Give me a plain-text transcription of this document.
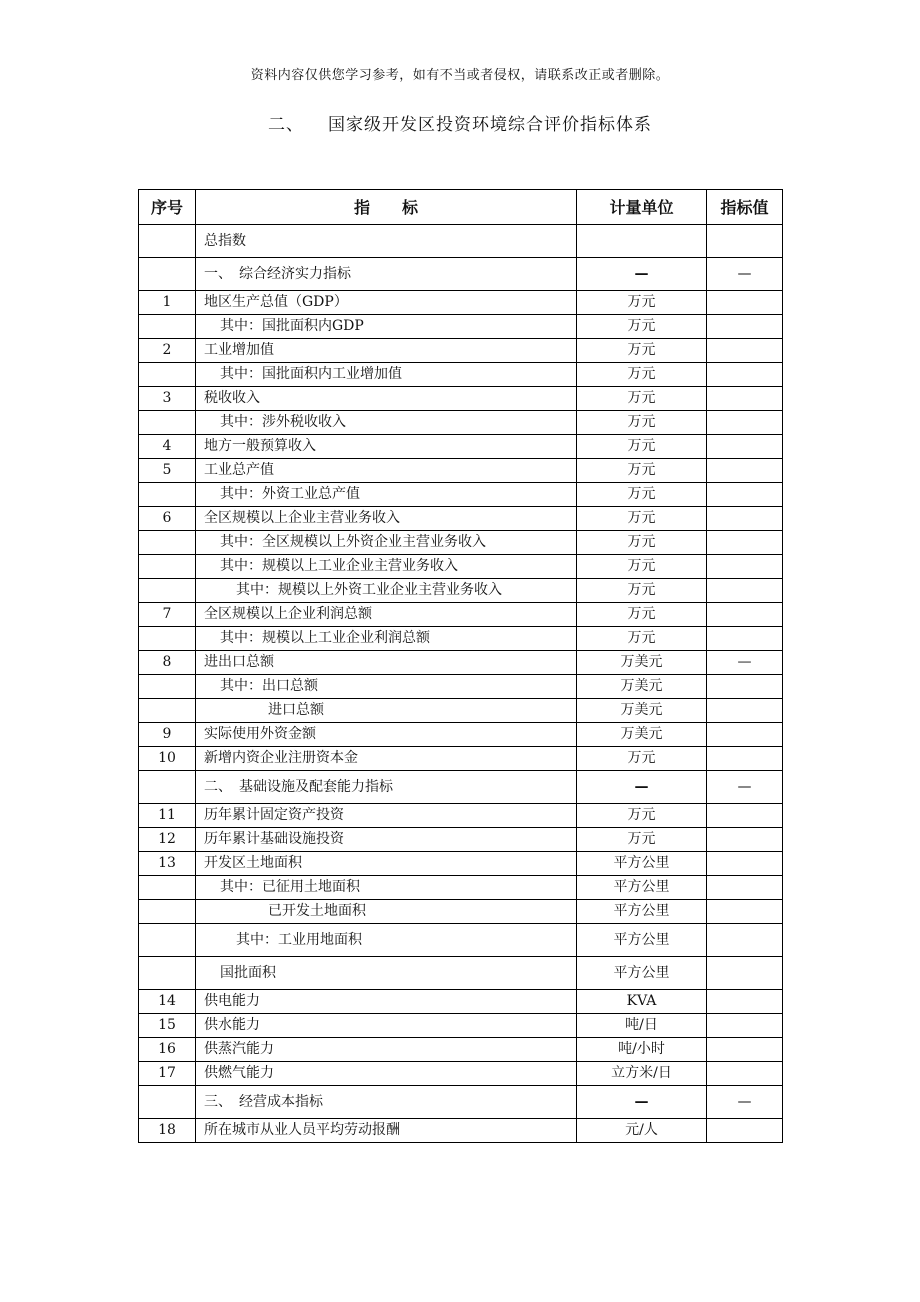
资料内容仅供您学习参考，如有不当或者侵权，请联系改正或者删除。
二、 国家级开发区投资环境综合评价指标体系
序号	指　　标	计量单位	指标值
	总指数		
	一、　综合经济实力指标	—	—
1	地区生产总值（GDP）	万元	
	其中：国批面积内GDP	万元	
2	工业增加值	万元	
	其中：国批面积内工业增加值	万元	
3	税收收入	万元	
	其中：涉外税收收入	万元	
4	地方一般预算收入	万元	
5	工业总产值	万元	
	其中：外资工业总产值	万元	
6	全区规模以上企业主营业务收入	万元	
	其中：全区规模以上外资企业主营业务收入	万元	
	其中：规模以上工业企业主营业务收入	万元	
	其中：规模以上外资工业企业主营业务收入	万元	
7	全区规模以上企业利润总额	万元	
	其中：规模以上工业企业利润总额	万元	
8	进出口总额	万美元	—
	其中：出口总额	万美元	
	进口总额	万美元	
9	实际使用外资金额	万美元	
10	新增内资企业注册资本金	万元	
	二、　基础设施及配套能力指标	—	—
11	历年累计固定资产投资	万元	
12	历年累计基础设施投资	万元	
13	开发区土地面积	平方公里	
	其中：已征用土地面积	平方公里	
	已开发土地面积	平方公里	
	其中：工业用地面积	平方公里	
	国批面积	平方公里	
14	供电能力	KVA	
15	供水能力	吨/日	
16	供蒸汽能力	吨/小时	
17	供燃气能力	立方米/日	
	三、　经营成本指标	—	—
18	所在城市从业人员平均劳动报酬	元/人	
